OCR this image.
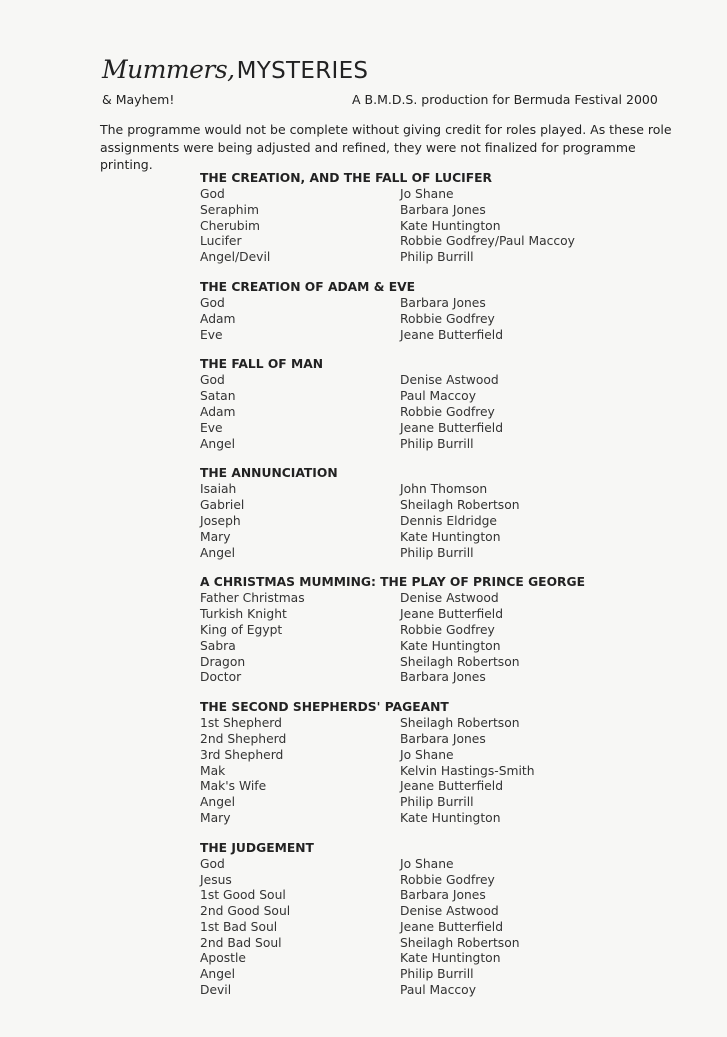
Mummers, MYSTERIES
& Mayhem!	A B.M.D.S. production for Bermuda Festival 2000
The programme would not be complete without giving credit for roles played. As these role assignments were being adjusted and refined, they were not finalized for programme printing.
THE CREATION, AND THE FALL OF LUCIFER
God	Jo Shane
Seraphim	Barbara Jones
Cherubim	Kate Huntington
Lucifer	Robbie Godfrey/Paul Maccoy
Angel/Devil	Philip Burrill
THE CREATION OF ADAM & EVE
God	Barbara Jones
Adam	Robbie Godfrey
Eve	Jeane Butterfield
THE FALL OF MAN
God	Denise Astwood
Satan	Paul Maccoy
Adam	Robbie Godfrey
Eve	Jeane Butterfield
Angel	Philip Burrill
THE ANNUNCIATION
Isaiah	John Thomson
Gabriel	Sheilagh Robertson
Joseph	Dennis Eldridge
Mary	Kate Huntington
Angel	Philip Burrill
A CHRISTMAS MUMMING: THE PLAY OF PRINCE GEORGE
Father Christmas	Denise Astwood
Turkish Knight	Jeane Butterfield
King of Egypt	Robbie Godfrey
Sabra	Kate Huntington
Dragon	Sheilagh Robertson
Doctor	Barbara Jones
THE SECOND SHEPHERDS' PAGEANT
1st Shepherd	Sheilagh Robertson
2nd Shepherd	Barbara Jones
3rd Shepherd	Jo Shane
Mak	Kelvin Hastings-Smith
Mak's Wife	Jeane Butterfield
Angel	Philip Burrill
Mary	Kate Huntington
THE JUDGEMENT
God	Jo Shane
Jesus	Robbie Godfrey
1st Good Soul	Barbara Jones
2nd Good Soul	Denise Astwood
1st Bad Soul	Jeane Butterfield
2nd Bad Soul	Sheilagh Robertson
Apostle	Kate Huntington
Angel	Philip Burrill
Devil	Paul Maccoy
